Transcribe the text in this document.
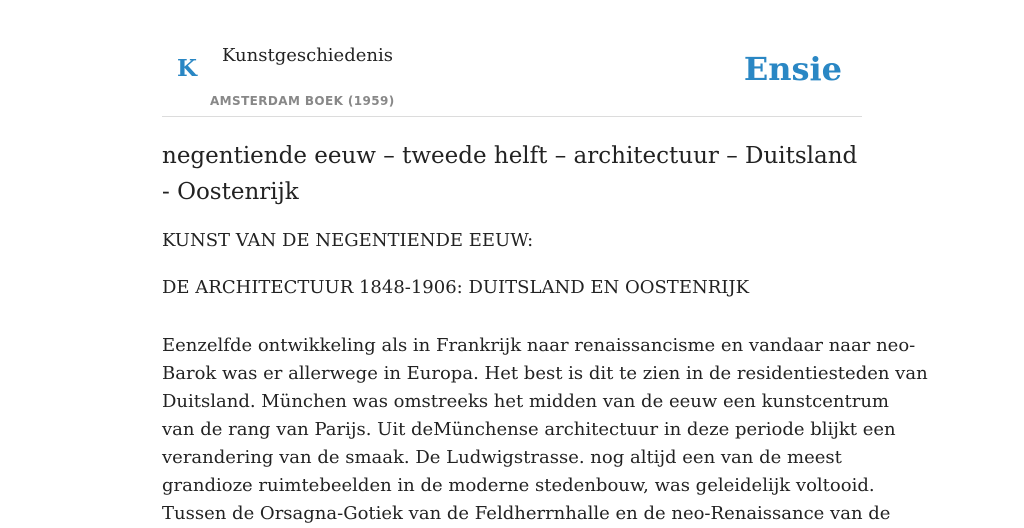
K Kunstgeschiedenis
AMSTERDAM BOEK (1959)
Ensie
negentiende eeuw – tweede helft – architectuur – Duitsland - Oostenrijk

KUNST VAN DE NEGENTIENDE EEUW:

DE ARCHITECTUUR 1848-1906: DUITSLAND EN OOSTENRIJK

Eenzelfde ontwikkeling als in Frankrijk naar renaissancisme en vandaar naar neo-
Barok was er allerwege in Europa. Het best is dit te zien in de residentiesteden van
Duitsland. München was omstreeks het midden van de eeuw een kunstcentrum
van de rang van Parijs. Uit deMünchense architectuur in deze periode blijkt een
verandering van de smaak. De Ludwigstrasse. nog altijd een van de meest
grandioze ruimtebeelden in de moderne stedenbouw, was geleidelijk voltooid.
Tussen de Orsagna-Gotiek van de Feldherrnhalle en de neo-Renaissance van de
